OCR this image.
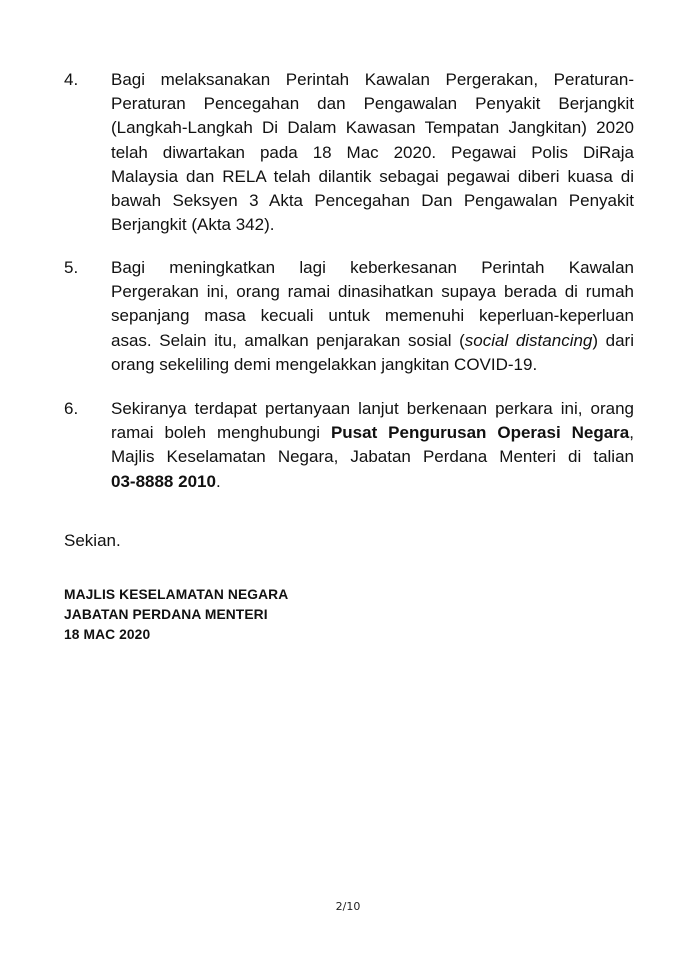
4. Bagi melaksanakan Perintah Kawalan Pergerakan, Peraturan-
Peraturan Pencegahan dan Pengawalan Penyakit Berjangkit
(Langkah-Langkah Di Dalam Kawasan Tempatan Jangkitan) 2020
telah diwartakan pada 18 Mac 2020. Pegawai Polis DiRaja
Malaysia dan RELA telah dilantik sebagai pegawai diberi kuasa di
bawah Seksyen 3 Akta Pencegahan Dan Pengawalan Penyakit
Berjangkit (Akta 342).
5. Bagi meningkatkan lagi keberkesanan Perintah Kawalan
Pergerakan ini, orang ramai dinasihatkan supaya berada di rumah
sepanjang masa kecuali untuk memenuhi keperluan-keperluan
asas. Selain itu, amalkan penjarakan sosial (social distancing) dari
orang sekeliling demi mengelakkan jangkitan COVID-19.
6. Sekiranya terdapat pertanyaan lanjut berkenaan perkara ini, orang
ramai boleh menghubungi Pusat Pengurusan Operasi Negara,
Majlis Keselamatan Negara, Jabatan Perdana Menteri di talian
03-8888 2010.
Sekian.
MAJLIS KESELAMATAN NEGARA
JABATAN PERDANA MENTERI
18 MAC 2020
2/10
